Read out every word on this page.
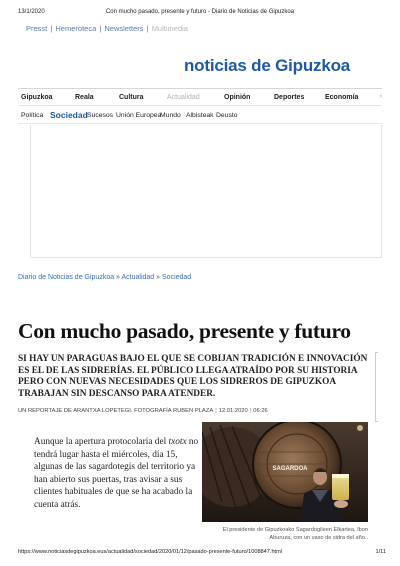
13/1/2020	Con mucho pasado, presente y futuro - Diario de Noticias de Gipuzkoa
Presst | Hemeroteca | Newsletters | Multimedia
noticias de Gipuzkoa
Gipuzkoa	Reala	Cultura	Actualidad	Opinión	Deportes	Economía	›
Política Sociedad Sucesos Unión Europea
Mundo Albisteak Deusto
Diario de Noticias de Gipuzkoa » Actualidad » Sociedad
Con mucho pasado, presente y futuro
SI HAY UN PARAGUAS BAJO EL QUE SE COBIJAN TRADICIÓN E INNOVACIÓN
ES EL DE LAS SIDRERÍAS. EL PÚBLICO LLEGA ATRAÍDO POR SU HISTORIA
PERO CON NUEVAS NECESIDADES QUE LOS SIDREROS DE GIPUZKOA
TRABAJAN SIN DESCANSO PARA ATENDER.
UN REPORTAJE DE ARANTXA LOPETEGI. FOTOGRAFÍA RUBEN PLAZA | 12.01.2020 | 06:26
Aunque la apertura protocolaria del txotx no
tendrá lugar hasta el miércoles, día 15,
algunas de las sagardotegis del territorio ya
han abierto sus puertas, tras avisar a sus
clientes habituales de que se ha acabado la
cuenta atrás.
SAGARDOA
El presidente de Gipuzkoako Sagardogileen Elkartea, Ibon
Aburuza, con un vaso de sidra del año..
https://www.noticiasdegipuzkoa.eus/actualidad/sociedad/2020/01/12/pasado-presente-futuro/1008847.html	1/11
